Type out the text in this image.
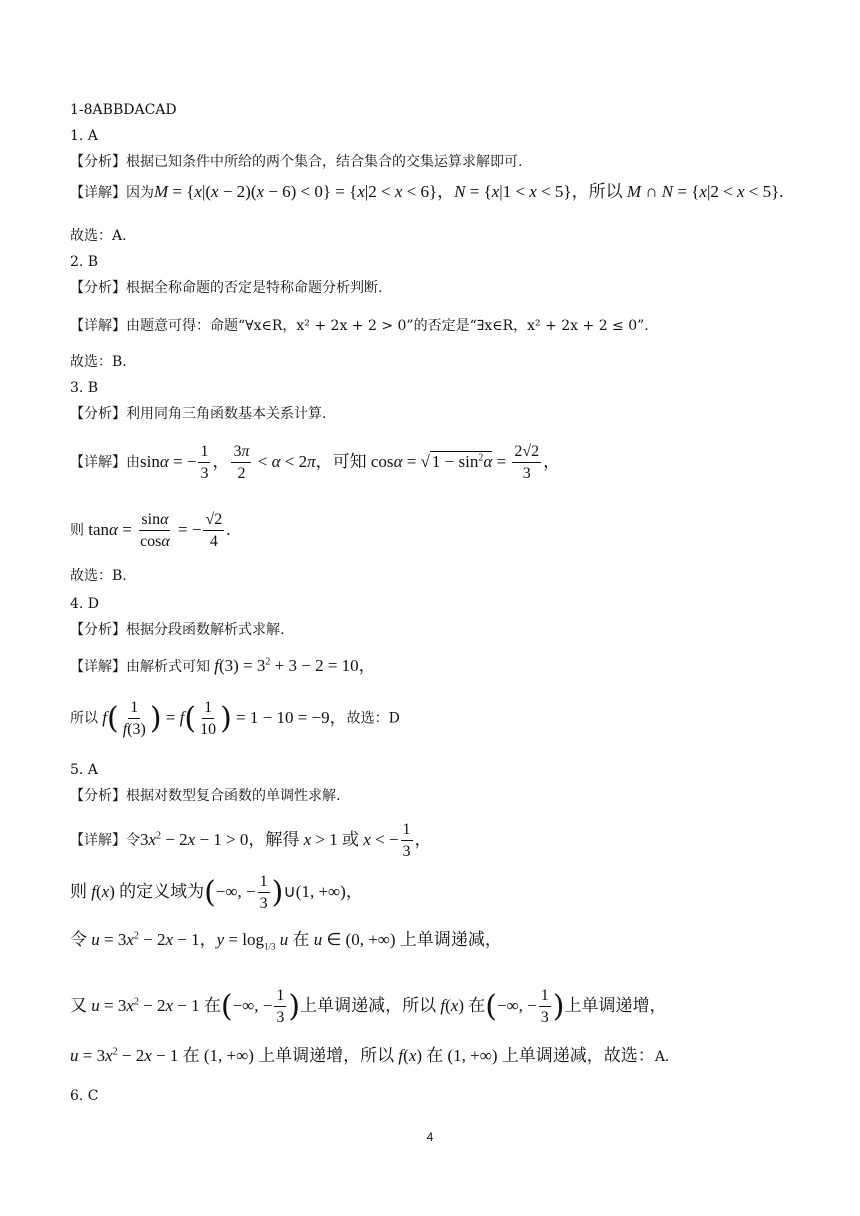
1-8ABBDACAD
1. A
【分析】根据已知条件中所给的两个集合，结合集合的交集运算求解即可.
【详解】因为M = {x|(x − 2)(x − 6) < 0} = {x|2 < x < 6}，N = {x|1 < x < 5}，所以 M ∩ N = {x|2 < x < 5}.
故选：A.
2. B
【分析】根据全称命题的否定是特称命题分析判断.
【详解】由题意可得：命题“∀x∈R，x² + 2x + 2 > 0”的否定是“∃x∈R，x² + 2x + 2 ≤ 0”.
故选：B.
3. B
【分析】利用同角三角函数基本关系计算.
【详解】由sinα = − $\frac{1}{3}$ ， $\frac{3\pi}{2} < \alpha < 2\pi$，可知 cosα = √ $1 - \sin^2\alpha = \frac{2√2}{3}$ ，
则 $\tan\alpha = \frac{\sin\alpha}{\cos\alpha}$ = − $\frac{√2}{4}$ .
故选：B.
4. D
【分析】根据分段函数解析式求解.
【详解】由解析式可知 $f(3) = 3^2 + 3 - 2 = 10$，
所以 $f( \frac{1}{f(3)}$ ) = $f( \frac{1}{10}$ ) = 1 − 10 = −9，故选：D
5. A
【分析】根据对数型复合函数的单调性求解.
【详解】令$3x^2 - 2x - 1 > 0$，解得 x > 1 或 x < − $\frac{1}{3}$ ，
则 f(x) 的定义域为(−∞, − $\frac{1}{3}$ )∪(1, +∞)，
令 $u = 3x^2 - 2x - 1$，$y = \log_{1/3} u$ 在 u ∈ (0, +∞) 上单调递减，
又 $u = 3x^2 - 2x - 1$ 在(−∞, − $\frac{1}{3}$ )上单调递减，所以 f(x) 在(−∞, − $\frac{1}{3}$ )上单调递增，
$u = 3x^2 - 2x - 1$ 在 (1, +∞) 上单调递增，所以 f(x) 在 (1, +∞) 上单调递减，故选：A.
6. C
4
